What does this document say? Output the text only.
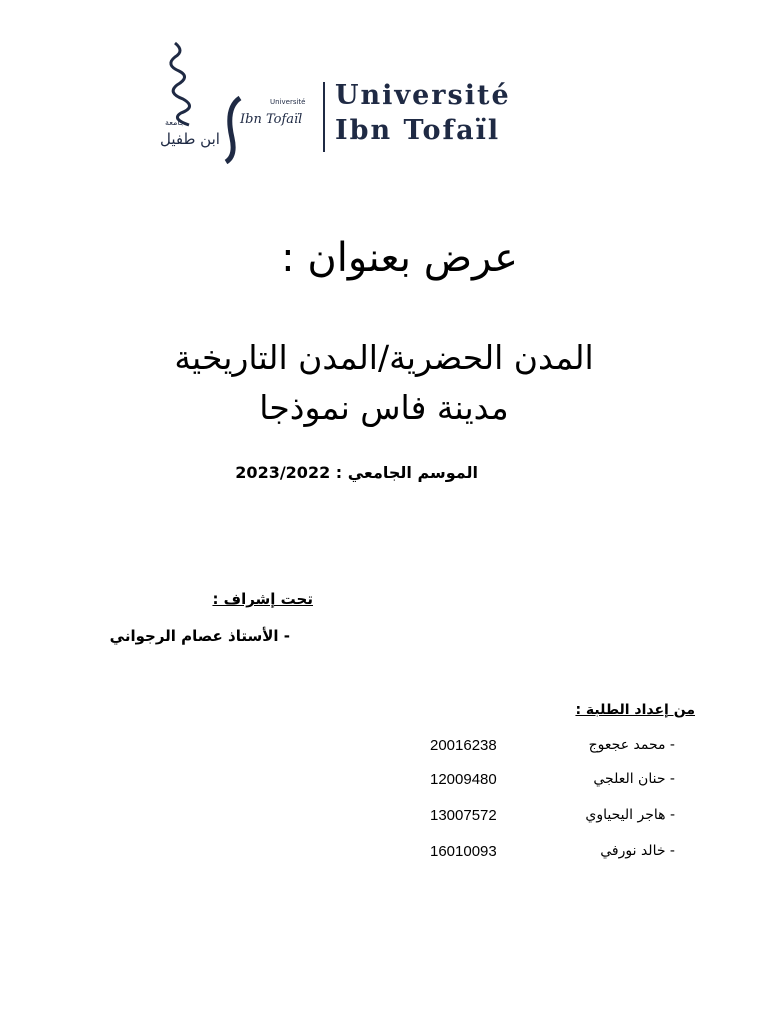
جامعة
ابن طفيل
Université
Ibn Tofaïl
Université
Ibn Tofaïl
عرض بعنوان :
المدن الحضرية/المدن التاريخية
مدينة فاس نموذجا
الموسم الجامعي : 2023/2022
تحت إشراف :
- الأستاذ عصام الرجواني
من إعداد الطلبة :
- محمد عجعوج
20016238
- حنان العلجي
12009480
- هاجر اليحياوي
13007572
- خالد نورفي
16010093
